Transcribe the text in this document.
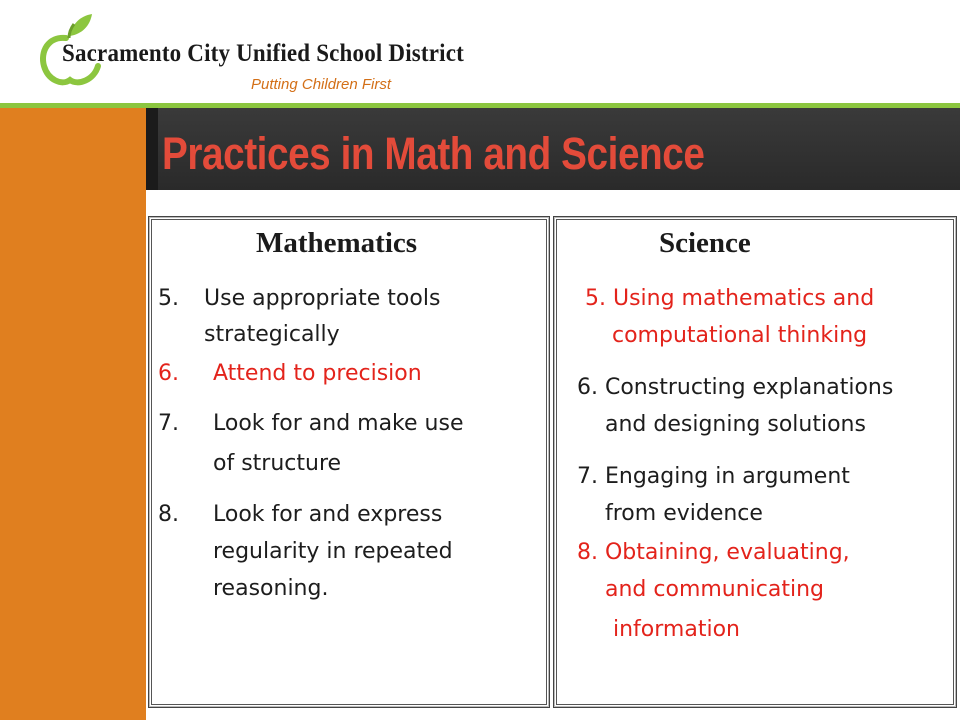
Sacramento City Unified School District
Putting Children First
Practices in Math and Science
Mathematics
5. Use appropriate tools
strategically
6. Attend to precision
7. Look for and make use
of structure
8. Look for and express
regularity in repeated
reasoning.
Science
5. Using mathematics and
computational thinking
6. Constructing explanations
and designing solutions
7. Engaging in argument
from evidence
8. Obtaining, evaluating,
and communicating
information
